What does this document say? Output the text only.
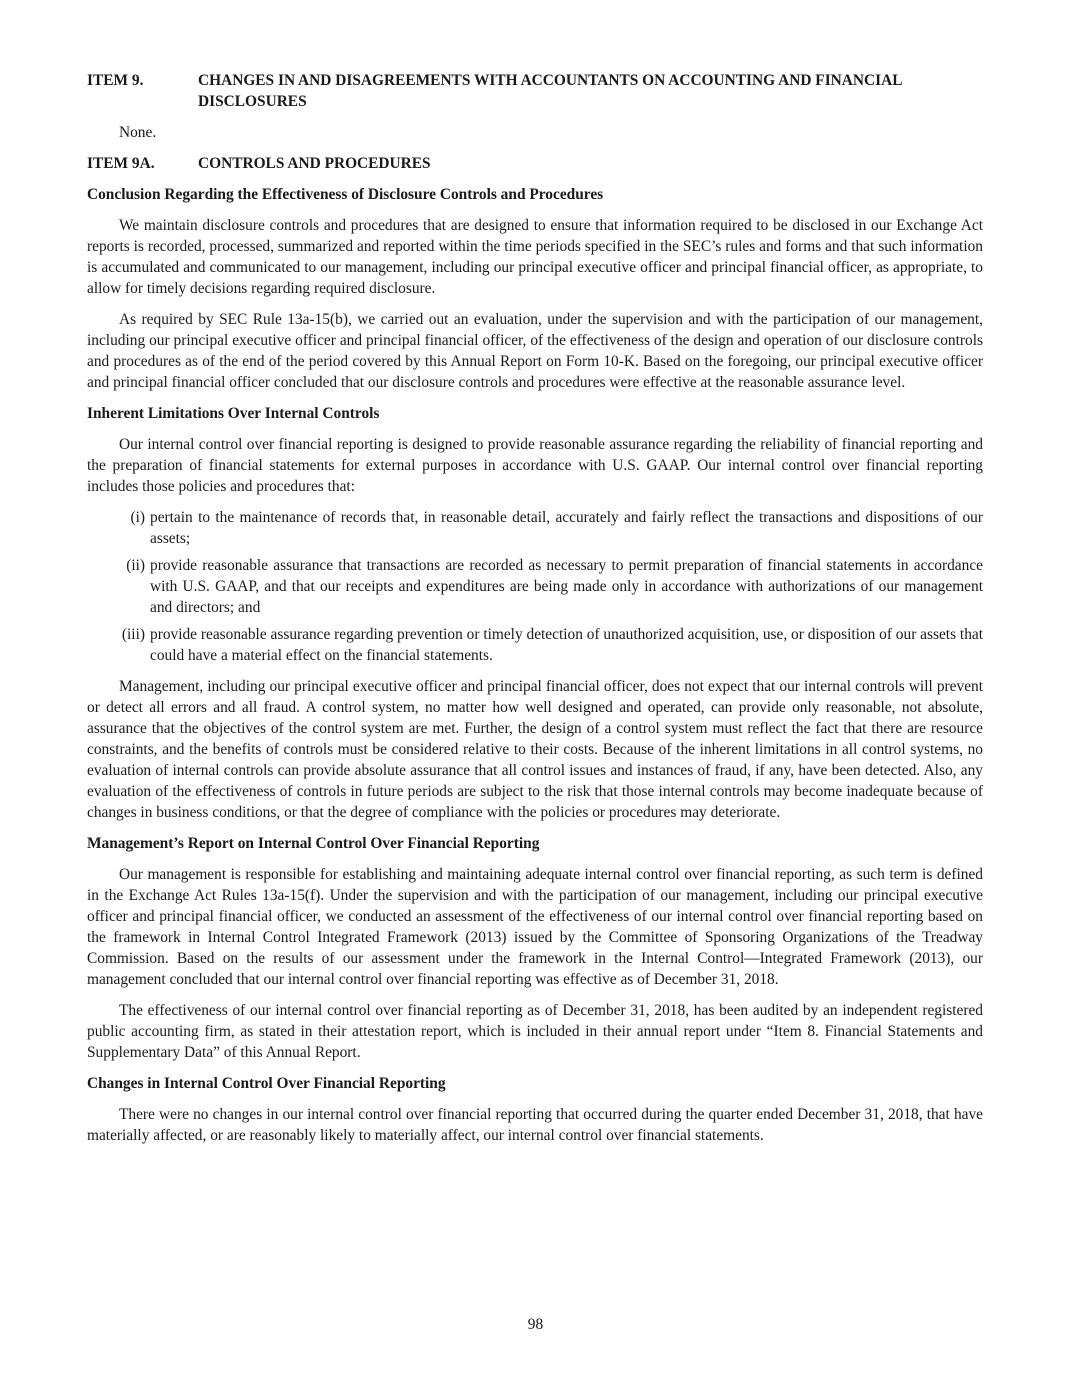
ITEM 9.	CHANGES IN AND DISAGREEMENTS WITH ACCOUNTANTS ON ACCOUNTING AND FINANCIAL DISCLOSURES

None.

ITEM 9A.	CONTROLS AND PROCEDURES
Conclusion Regarding the Effectiveness of Disclosure Controls and Procedures

We maintain disclosure controls and procedures that are designed to ensure that information required to be disclosed in our Exchange Act reports is recorded, processed, summarized and reported within the time periods specified in the SEC’s rules and forms and that such information is accumulated and communicated to our management, including our principal executive officer and principal financial officer, as appropriate, to allow for timely decisions regarding required disclosure.

As required by SEC Rule 13a-15(b), we carried out an evaluation, under the supervision and with the participation of our management, including our principal executive officer and principal financial officer, of the effectiveness of the design and operation of our disclosure controls and procedures as of the end of the period covered by this Annual Report on Form 10-K. Based on the foregoing, our principal executive officer and principal financial officer concluded that our disclosure controls and procedures were effective at the reasonable assurance level.

Inherent Limitations Over Internal Controls

Our internal control over financial reporting is designed to provide reasonable assurance regarding the reliability of financial reporting and the preparation of financial statements for external purposes in accordance with U.S. GAAP. Our internal control over financial reporting includes those policies and procedures that:

(i) pertain to the maintenance of records that, in reasonable detail, accurately and fairly reflect the transactions and dispositions of our assets;
(ii) provide reasonable assurance that transactions are recorded as necessary to permit preparation of financial statements in accordance with U.S. GAAP, and that our receipts and expenditures are being made only in accordance with authorizations of our management and directors; and
(iii) provide reasonable assurance regarding prevention or timely detection of unauthorized acquisition, use, or disposition of our assets that could have a material effect on the financial statements.

Management, including our principal executive officer and principal financial officer, does not expect that our internal controls will prevent or detect all errors and all fraud. A control system, no matter how well designed and operated, can provide only reasonable, not absolute, assurance that the objectives of the control system are met. Further, the design of a control system must reflect the fact that there are resource constraints, and the benefits of controls must be considered relative to their costs. Because of the inherent limitations in all control systems, no evaluation of internal controls can provide absolute assurance that all control issues and instances of fraud, if any, have been detected. Also, any evaluation of the effectiveness of controls in future periods are subject to the risk that those internal controls may become inadequate because of changes in business conditions, or that the degree of compliance with the policies or procedures may deteriorate.

Management’s Report on Internal Control Over Financial Reporting

Our management is responsible for establishing and maintaining adequate internal control over financial reporting, as such term is defined in the Exchange Act Rules 13a-15(f). Under the supervision and with the participation of our management, including our principal executive officer and principal financial officer, we conducted an assessment of the effectiveness of our internal control over financial reporting based on the framework in Internal Control Integrated Framework (2013) issued by the Committee of Sponsoring Organizations of the Treadway Commission. Based on the results of our assessment under the framework in the Internal Control—Integrated Framework (2013), our management concluded that our internal control over financial reporting was effective as of December 31, 2018.

The effectiveness of our internal control over financial reporting as of December 31, 2018, has been audited by an independent registered public accounting firm, as stated in their attestation report, which is included in their annual report under “Item 8. Financial Statements and Supplementary Data” of this Annual Report.

Changes in Internal Control Over Financial Reporting

There were no changes in our internal control over financial reporting that occurred during the quarter ended December 31, 2018, that have materially affected, or are reasonably likely to materially affect, our internal control over financial statements.

98
